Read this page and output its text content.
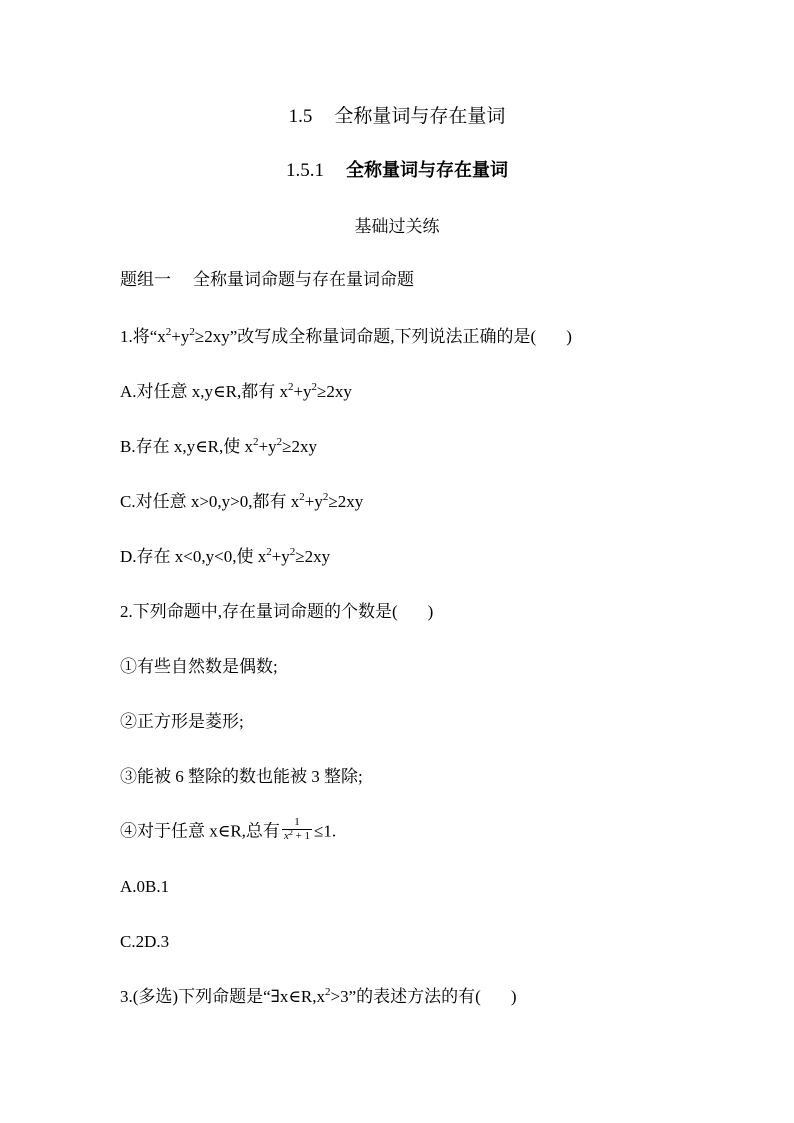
1.5 全称量词与存在量词
1.5.1 全称量词与存在量词
基础过关练
题组一 全称量词命题与存在量词命题
1.将“$x^2+y^2\ge 2xy$”改写成全称量词命题,下列说法正确的是( )
A.对任意 x,y∈R,都有 $x^2+y^2\ge 2xy$
B.存在 x,y∈R,使 $x^2+y^2\ge 2xy$
C.对任意 x>0,y>0,都有 $x^2+y^2\ge 2xy$
D.存在 x<0,y<0,使 $x^2+y^2\ge 2xy$
2.下列命题中,存在量词命题的个数是( )
①有些自然数是偶数;
②正方形是菱形;
③能被 6 整除的数也能被 3 整除;
④对于任意 x∈R,总有 $\frac{1}{x^2 + 1} \le 1$.
A.0B.1
C.2D.3
3.(多选)下列命题是“$\exists x\in R,x^2>3$”的表述方法的有( )
